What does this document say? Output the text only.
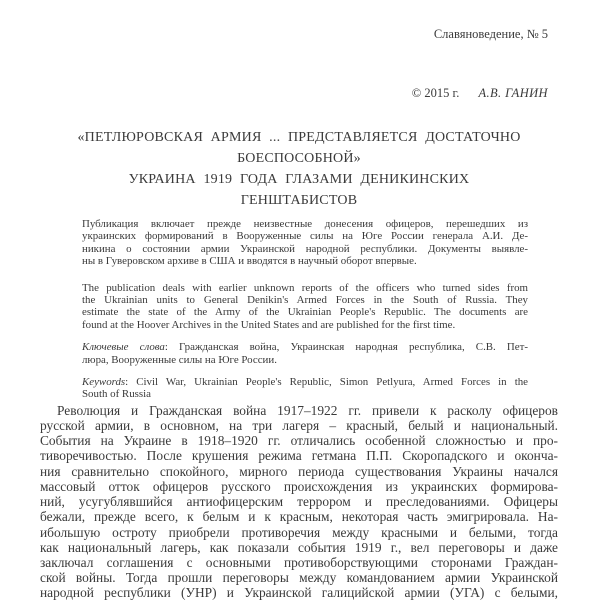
Славяноведение, № 5
© 2015 г. А.В. ГАНИН
«ПЕТЛЮРОВСКАЯ АРМИЯ ... ПРЕДСТАВЛЯЕТСЯ ДОСТАТОЧНО
БОЕСПОСОБНОЙ»
УКРАИНА 1919 ГОДА ГЛАЗАМИ ДЕНИКИНСКИХ
ГЕНШТАБИСТОВ
Публикация включает прежде неизвестные донесения офицеров, перешедших из
украинских формирований в Вооруженные силы на Юге России генерала А.И. Де-
никина о состоянии армии Украинской народной республики. Документы выявле-
ны в Гуверовском архиве в США и вводятся в научный оборот впервые.
The publication deals with earlier unknown reports of the officers who turned sides from
the Ukrainian units to General Denikin's Armed Forces in the South of Russia. They
estimate the state of the Army of the Ukrainian People's Republic. The documents are
found at the Hoover Archives in the United States and are published for the first time.
Ключевые слова: Гражданская война, Украинская народная республика, С.В. Пет-
люра, Вооруженные силы на Юге России.
Keywords: Civil War, Ukrainian People's Republic, Simon Petlyura, Armed Forces in the
South of Russia
Революция и Гражданская война 1917–1922 гг. привели к расколу офицеров
русской армии, в основном, на три лагеря – красный, белый и национальный.
События на Украине в 1918–1920 гг. отличались особенной сложностью и про-
тиворечивостью. После крушения режима гетмана П.П. Скоропадского и оконча-
ния сравнительно спокойного, мирного периода существования Украины начался
массовый отток офицеров русского происхождения из украинских формирова-
ний, усугублявшийся антиофицерским террором и преследованиями. Офицеры
бежали, прежде всего, к белым и к красным, некоторая часть эмигрировала. На-
ибольшую остроту приобрели противоречия между красными и белыми, тогда
как национальный лагерь, как показали события 1919 г., вел переговоры и даже
заключал соглашения с основными противоборствующими сторонами Граждан-
ской войны. Тогда прошли переговоры между командованием армии Украинской
народной республики (УНР) и Украинской галицийской армии (УГА) с белыми,
